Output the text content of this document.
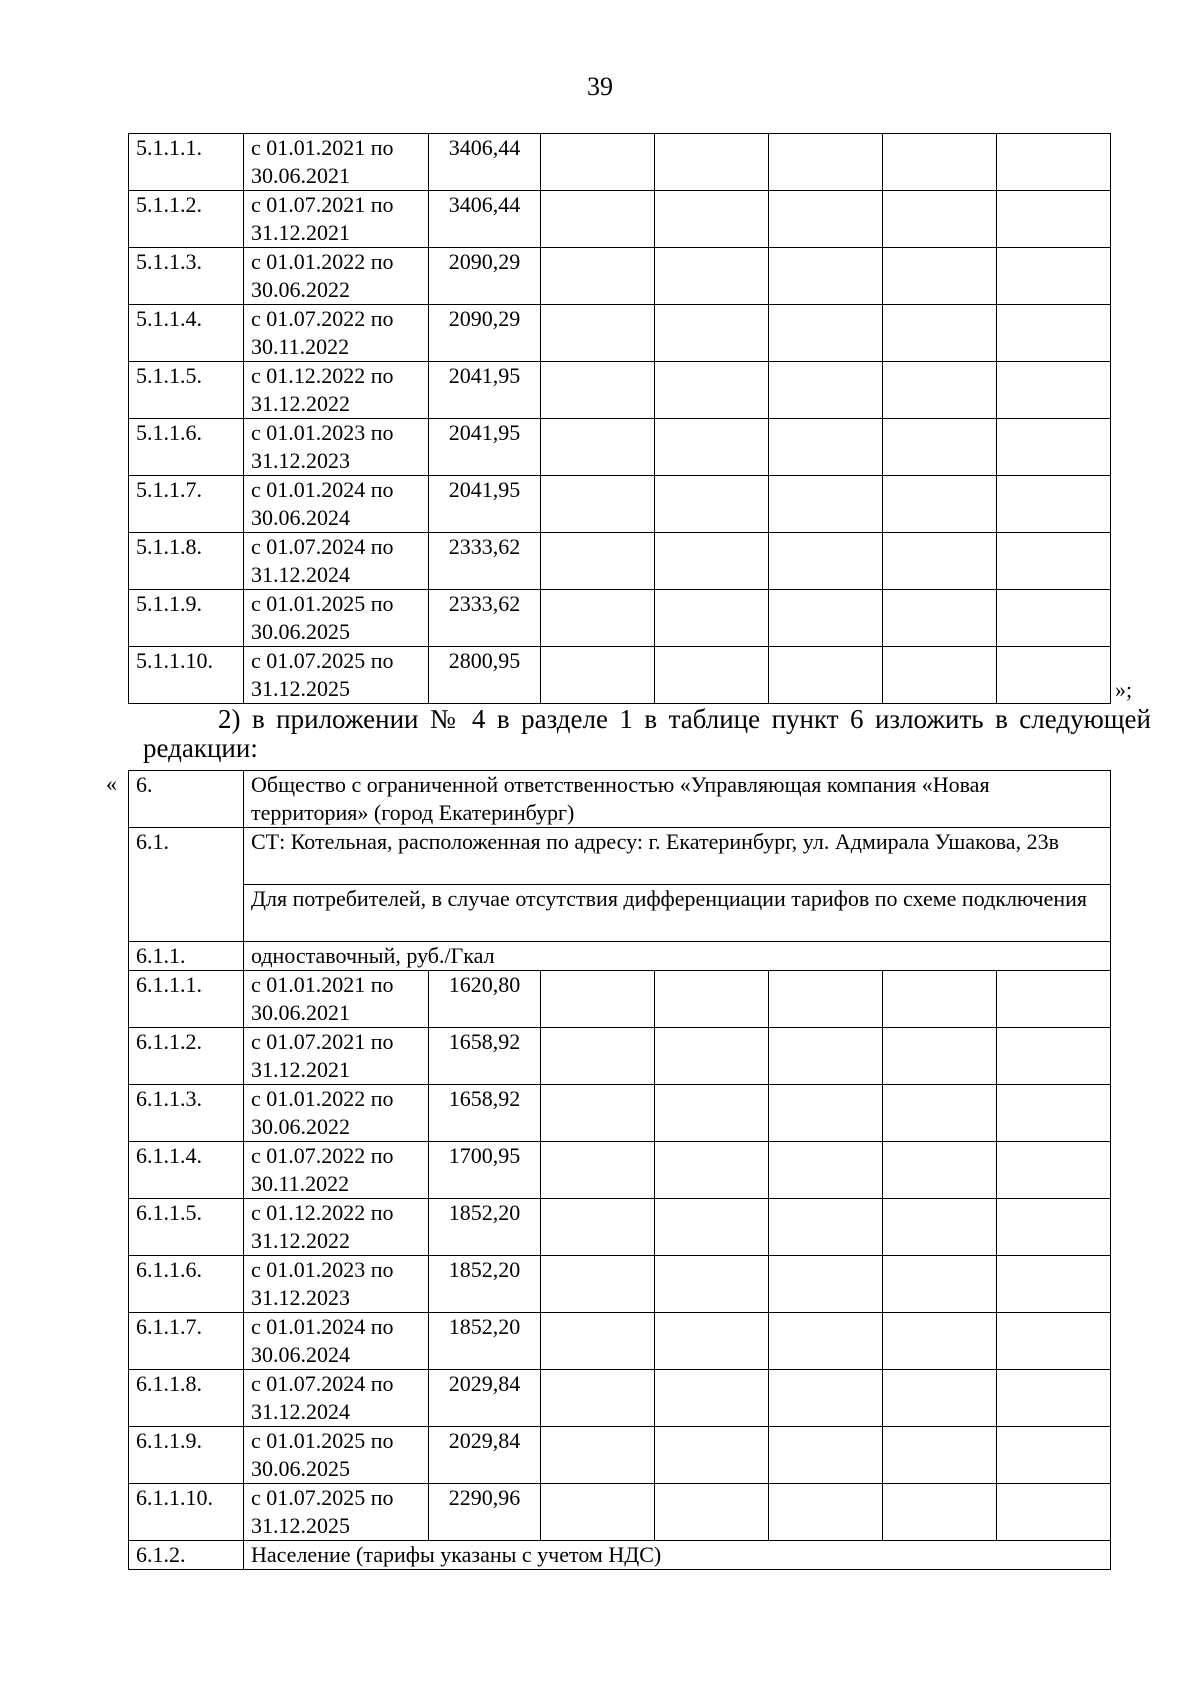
39
5.1.1.1.	с 01.01.2021 по 30.06.2021	3406,44					
5.1.1.2.	с 01.07.2021 по 31.12.2021	3406,44					
5.1.1.3.	с 01.01.2022 по 30.06.2022	2090,29					
5.1.1.4.	с 01.07.2022 по 30.11.2022	2090,29					
5.1.1.5.	с 01.12.2022 по 31.12.2022	2041,95					
5.1.1.6.	с 01.01.2023 по 31.12.2023	2041,95					
5.1.1.7.	с 01.01.2024 по 30.06.2024	2041,95					
5.1.1.8.	с 01.07.2024 по 31.12.2024	2333,62					
5.1.1.9.	с 01.01.2025 по 30.06.2025	2333,62					
5.1.1.10.	с 01.07.2025 по 31.12.2025	2800,95					
»;

2) в приложении № 4 в разделе 1 в таблице пункт 6 изложить в следующей редакции:

« 6.	Общество с ограниченной ответственностью «Управляющая компания «Новая территория» (город Екатеринбург)						
6.1.	СТ: Котельная, расположенная по адресу: г. Екатеринбург, ул. Адмирала Ушакова, 23в						
	Для потребителей, в случае отсутствия дифференциации тарифов по схеме подключения						
6.1.1.	одноставочный, руб./Гкал						
6.1.1.1.	с 01.01.2021 по 30.06.2021	1620,80					
6.1.1.2.	с 01.07.2021 по 31.12.2021	1658,92					
6.1.1.3.	с 01.01.2022 по 30.06.2022	1658,92					
6.1.1.4.	с 01.07.2022 по 30.11.2022	1700,95					
6.1.1.5.	с 01.12.2022 по 31.12.2022	1852,20					
6.1.1.6.	с 01.01.2023 по 31.12.2023	1852,20					
6.1.1.7.	с 01.01.2024 по 30.06.2024	1852,20					
6.1.1.8.	с 01.07.2024 по 31.12.2024	2029,84					
6.1.1.9.	с 01.01.2025 по 30.06.2025	2029,84					
6.1.1.10.	с 01.07.2025 по 31.12.2025	2290,96					
6.1.2.	Население (тарифы указаны с учетом НДС)						
